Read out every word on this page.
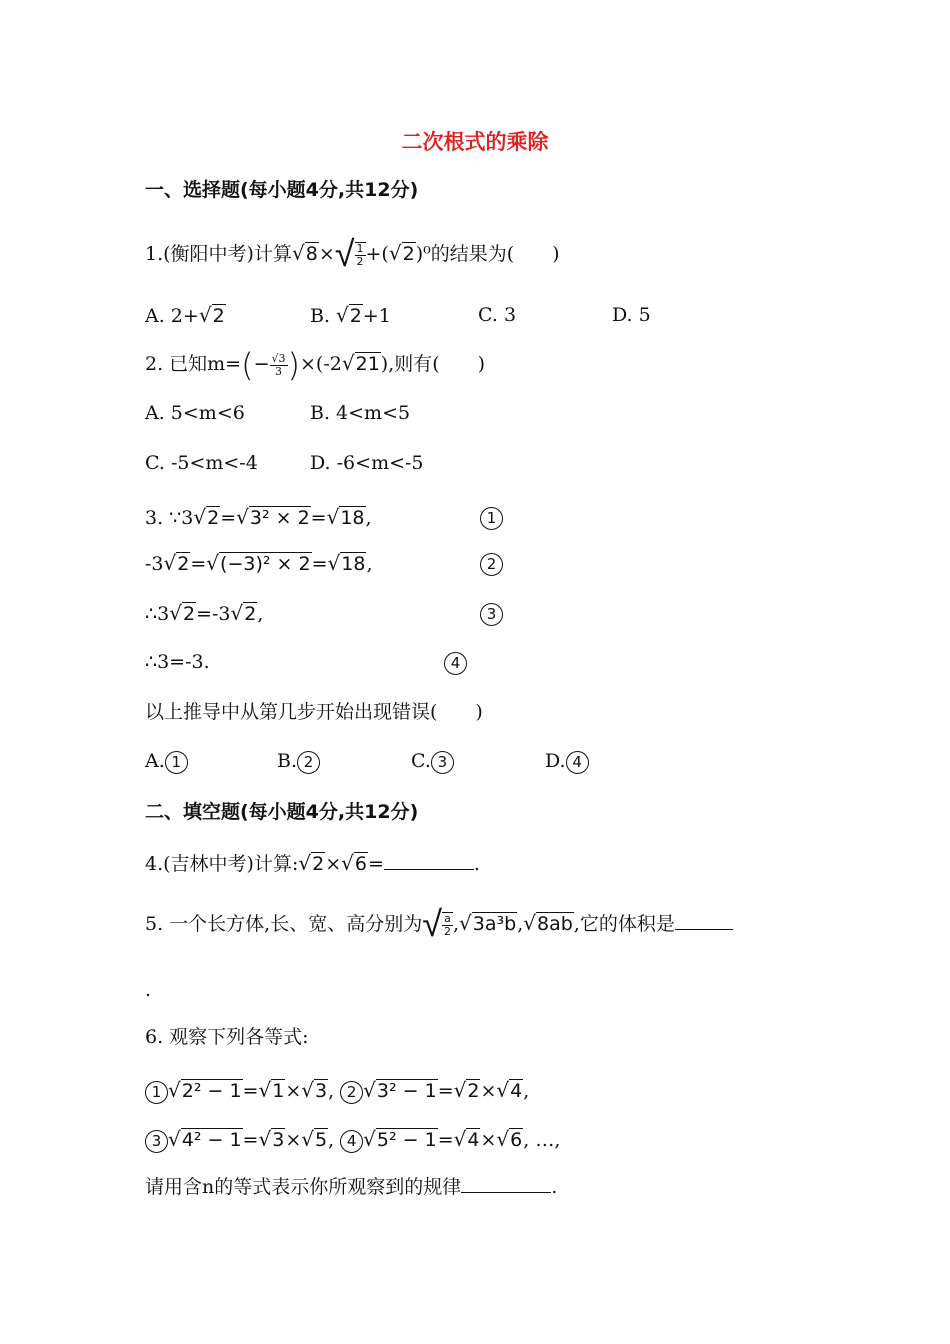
二次根式的乘除
一、选择题(每小题4分,共12分)
1.(衡阳中考)计算$√8\times√ \frac{1}{2} +(√2)^0$的结果为(　　)
A. 2+√2	B. √2+1	C. 3	D. 5
2. 已知$m=(- \frac{√3}{3} )\times(-2√21)$,则有(　　)
A. 5<m<6	B. 4<m<5
C. -5<m<-4	D. -6<m<-5
3. ∵3√2=√3² × 2=√18,	1
-3√2=√(−3)² × 2=√18,	2
∴3√2=-3√2,	3
∴3=-3.	4
以上推导中从第几步开始出现错误(　　)
A. 1	B. 2	C. 3	D. 4
二、填空题(每小题4分,共12分)
4.(吉林中考)计算:√2×√6=	.
5. 一个长方体,长、宽、高分别为√ $\frac{a}{2} ,√3a^3b,√8ab$,它的体积是
.
6. 观察下列各等式:
1 √2² − 1=√1×√3, 2 √3² − 1=√2×√4,
3 √4² − 1=√3×√5, 4 √5² − 1=√4×√6, …,
请用含n的等式表示你所观察到的规律	.
